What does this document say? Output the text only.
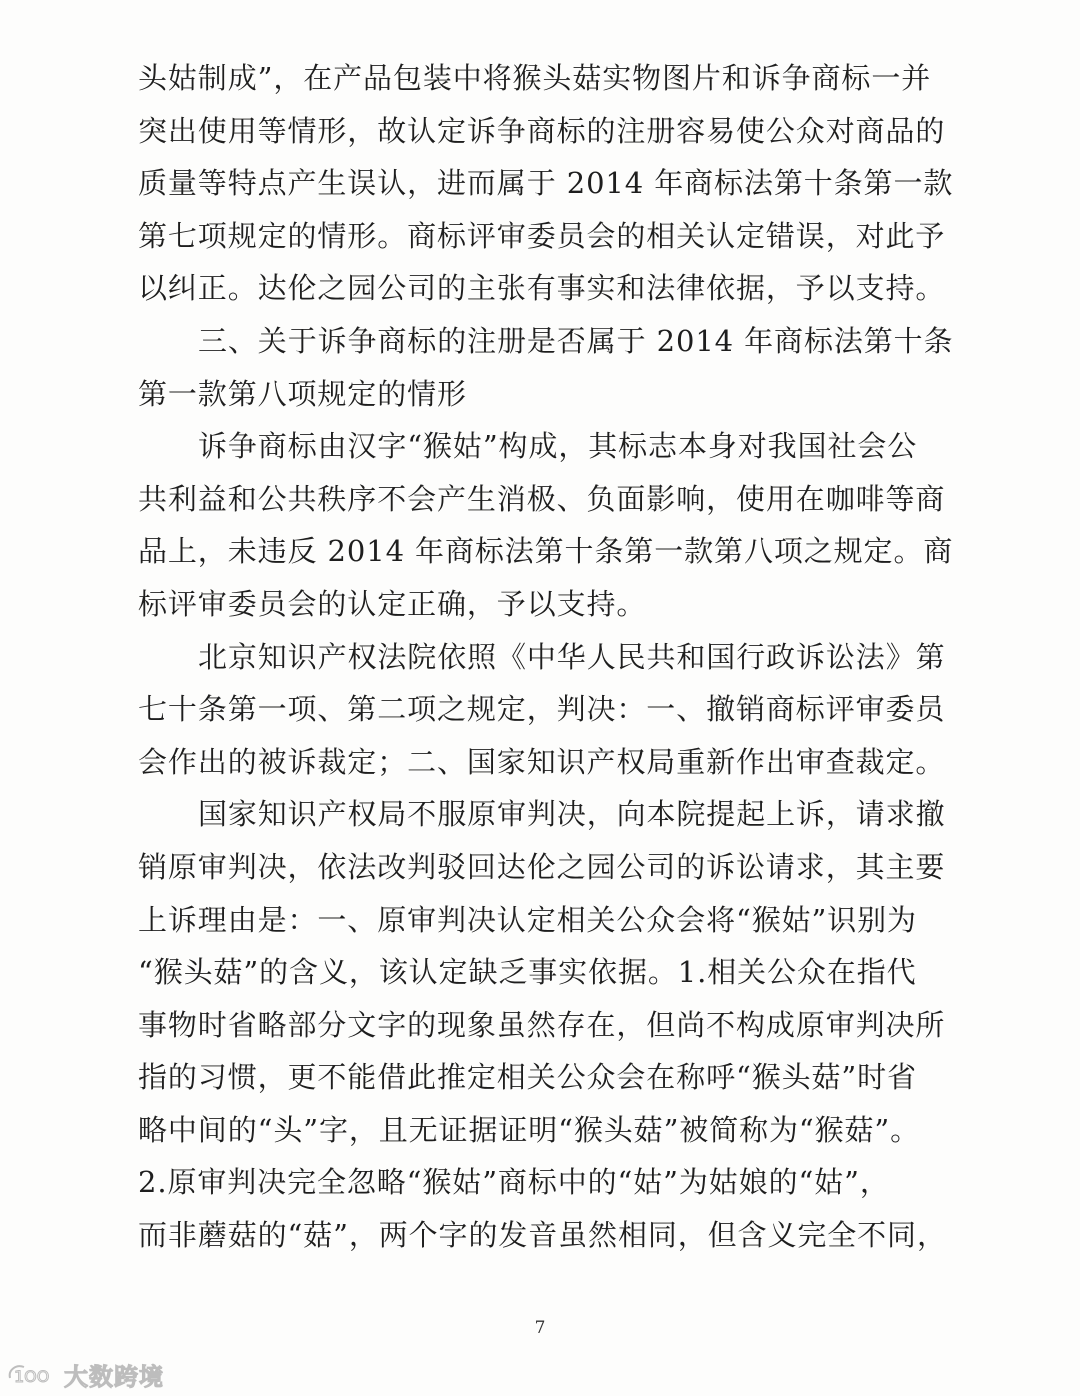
头姑制成”，在产品包装中将猴头菇实物图片和诉争商标一并
突出使用等情形，故认定诉争商标的注册容易使公众对商品的
质量等特点产生误认，进而属于 2014 年商标法第十条第一款
第七项规定的情形。商标评审委员会的相关认定错误，对此予
以纠正。达伦之园公司的主张有事实和法律依据，予以支持。
三、关于诉争商标的注册是否属于 2014 年商标法第十条
第一款第八项规定的情形
诉争商标由汉字“猴姑”构成，其标志本身对我国社会公
共利益和公共秩序不会产生消极、负面影响，使用在咖啡等商
品上，未违反 2014 年商标法第十条第一款第八项之规定。商
标评审委员会的认定正确，予以支持。
北京知识产权法院依照《中华人民共和国行政诉讼法》第
七十条第一项、第二项之规定，判决：一、撤销商标评审委员
会作出的被诉裁定；二、国家知识产权局重新作出审查裁定。
国家知识产权局不服原审判决，向本院提起上诉，请求撤
销原审判决，依法改判驳回达伦之园公司的诉讼请求，其主要
上诉理由是：一、原审判决认定相关公众会将“猴姑”识别为
“猴头菇”的含义，该认定缺乏事实依据。1.相关公众在指代
事物时省略部分文字的现象虽然存在，但尚不构成原审判决所
指的习惯，更不能借此推定相关公众会在称呼“猴头菇”时省
略中间的“头”字，且无证据证明“猴头菇”被简称为“猴菇”。
2.原审判决完全忽略“猴姑”商标中的“姑”为姑娘的“姑”，
而非蘑菇的“菇”，两个字的发音虽然相同，但含义完全不同，
7
1OO 大数跨境
